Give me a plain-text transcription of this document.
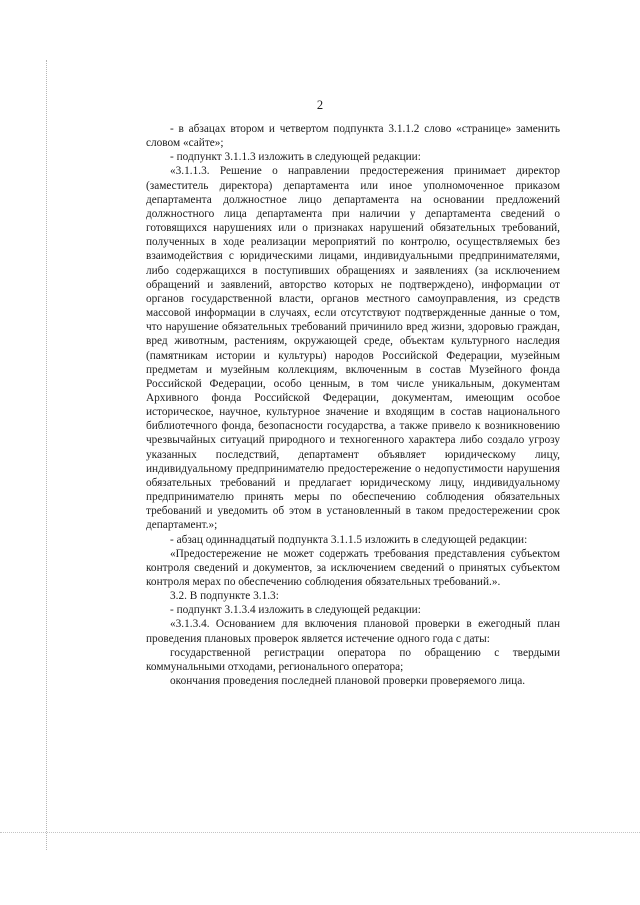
2

- в абзацах втором и четвертом подпункта 3.1.1.2 слово «странице» заменить словом «сайте»;

- подпункт 3.1.1.3 изложить в следующей редакции:

«3.1.1.3. Решение о направлении предостережения принимает директор (заместитель директора) департамента или иное уполномоченное приказом департамента должностное лицо департамента на основании предложений должностного лица департамента при наличии у департамента сведений о готовящихся нарушениях или о признаках нарушений обязательных требований, полученных в ходе реализации мероприятий по контролю, осуществляемых без взаимодействия с юридическими лицами, индивидуальными предпринимателями, либо содержащихся в поступивших обращениях и заявлениях (за исключением обращений и заявлений, авторство которых не подтверждено), информации от органов государственной власти, органов местного самоуправления, из средств массовой информации в случаях, если отсутствуют подтвержденные данные о том, что нарушение обязательных требований причинило вред жизни, здоровью граждан, вред животным, растениям, окружающей среде, объектам культурного наследия (памятникам истории и культуры) народов Российской Федерации, музейным предметам и музейным коллекциям, включенным в состав Музейного фонда Российской Федерации, особо ценным, в том числе уникальным, документам Архивного фонда Российской Федерации, документам, имеющим особое историческое, научное, культурное значение и входящим в состав национального библиотечного фонда, безопасности государства, а также привело к возникновению чрезвычайных ситуаций природного и техногенного характера либо создало угрозу указанных последствий, департамент объявляет юридическому лицу, индивидуальному предпринимателю предостережение о недопустимости нарушения обязательных требований и предлагает юридическому лицу, индивидуальному предпринимателю принять меры по обеспечению соблюдения обязательных требований и уведомить об этом в установленный в таком предостережении срок департамент.»;

- абзац одиннадцатый подпункта 3.1.1.5 изложить в следующей редакции:

«Предостережение не может содержать требования представления субъектом контроля сведений и документов, за исключением сведений о принятых субъектом контроля мерах по обеспечению соблюдения обязательных требований.».

3.2. В подпункте 3.1.3:

- подпункт 3.1.3.4 изложить в следующей редакции:

«3.1.3.4. Основанием для включения плановой проверки в ежегодный план проведения плановых проверок является истечение одного года с даты:

государственной регистрации оператора по обращению с твердыми коммунальными отходами, регионального оператора;

окончания проведения последней плановой проверки проверяемого лица.
